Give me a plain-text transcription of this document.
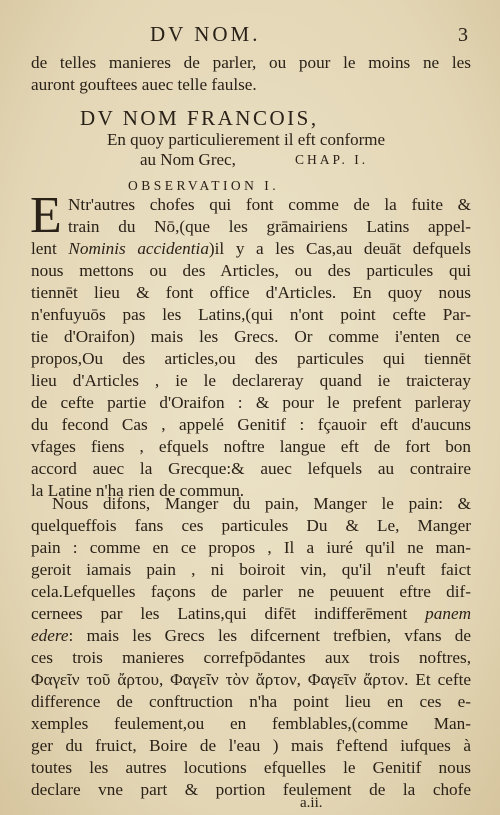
DV NOM.	3
de telles manieres de parler, ou pour le moins ne les
auront gouftees auec telle faulse.
DV NOM FRANCOIS,
En quoy particulierement il eft conforme
au Nom Grec,	CHAP. I.
OBSERVATION I.
E Ntr'autres chofes qui font comme de la fuite &
train du Nō,(que les grāmairiens Latins appel-
lent Nominis accidentia)il y a les Cas,au deuāt defquels
nous mettons ou des Articles, ou des particules qui
tiennēt lieu & font office d'Articles. En quoy nous
n'enfuyuōs pas les Latins,(qui n'ont point cefte Par-
tie d'Oraifon) mais les Grecs. Or comme i'enten ce
propos,Ou des articles,ou des particules qui tiennēt
lieu d'Articles , ie le declareray quand ie traicteray
de cefte partie d'Oraifon : & pour le prefent parleray
du fecond Cas , appelé Genitif : fçauoir eft d'aucuns
vfages fiens , efquels noftre langue eft de fort bon
accord auec la Grecque:& auec lefquels au contraire
la Latine n'ha rien de commun.
Nous difons, Manger du pain, Manger le pain: &
quelqueffois fans ces particules Du & Le, Manger
pain : comme en ce propos , Il a iuré qu'il ne man-
geroit iamais pain , ni boiroit vin, qu'il n'euft faict
cela.Lefquelles façons de parler ne peuuent eftre dif-
cernees par les Latins,qui difēt indifferēment panem
edere: mais les Grecs les difcernent trefbien, vfans de
ces trois manieres correfpōdantes aux trois noftres,
Φαγεῖν τοῦ ἄρτου, Φαγεῖν τὸν ἄρτον, Φαγεῖν ἄρτον. Et cefte
difference de conftruction n'ha point lieu en ces e-
xemples feulement,ou en femblables,(comme Man-
ger du fruict, Boire de l'eau ) mais f'eftend iufques à
toutes les autres locutions efquelles le Genitif nous
declare vne part & portion feulement de la chofe
a.ii.
